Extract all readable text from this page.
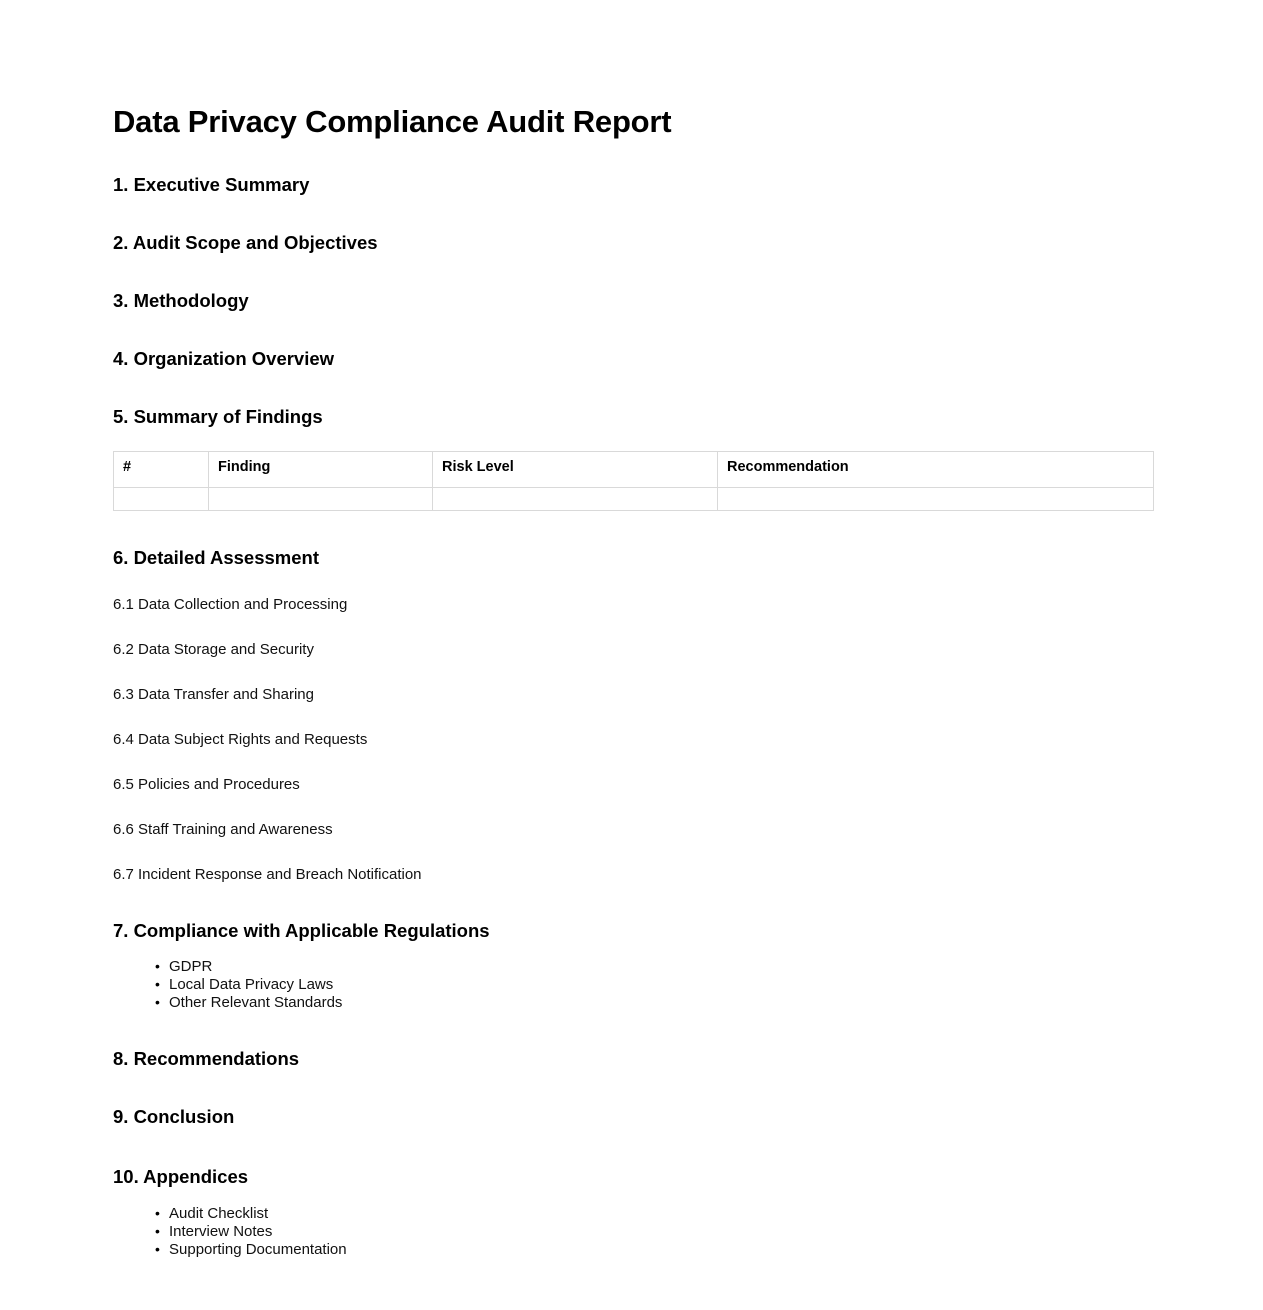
Data Privacy Compliance Audit Report
1. Executive Summary
2. Audit Scope and Objectives
3. Methodology
4. Organization Overview
5. Summary of Findings
#	Finding	Risk Level	Recommendation

6. Detailed Assessment

6.1 Data Collection and Processing

6.2 Data Storage and Security

6.3 Data Transfer and Sharing

6.4 Data Subject Rights and Requests

6.5 Policies and Procedures

6.6 Staff Training and Awareness

6.7 Incident Response and Breach Notification

7. Compliance with Applicable Regulations
• GDPR
• Local Data Privacy Laws
• Other Relevant Standards
8. Recommendations
9. Conclusion
10. Appendices
• Audit Checklist
• Interview Notes
• Supporting Documentation
